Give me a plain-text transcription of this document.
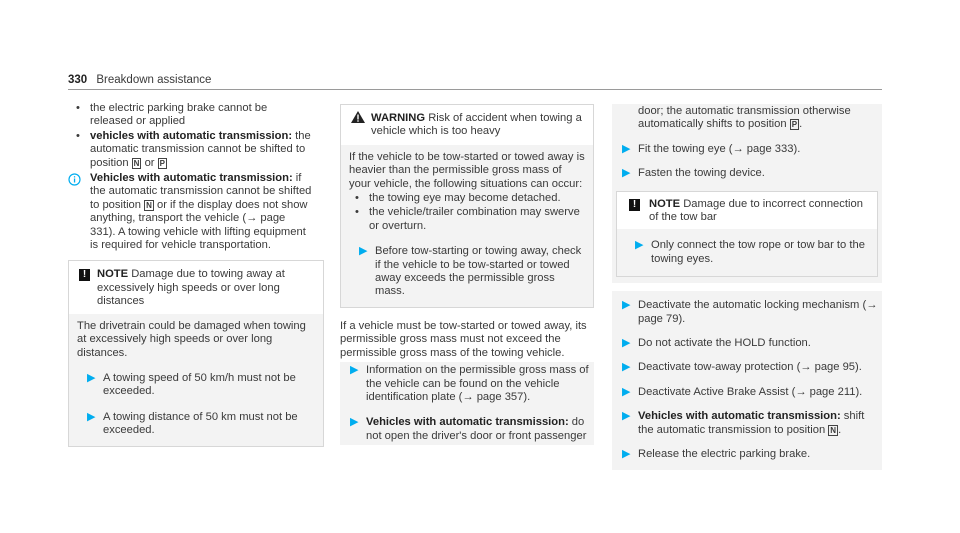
330 Breakdown assistance
• the electric parking brake cannot be released or applied
• vehicles with automatic transmission: the automatic transmission cannot be shifted to position N or P
Vehicles with automatic transmission: if the automatic transmission cannot be shifted to position N or if the display does not show anything, transport the vehicle (→ page 331). A towing vehicle with lifting equipment is required for vehicle transportation.
! NOTE Damage due to towing away at excessively high speeds or over long distances
The drivetrain could be damaged when towing at excessively high speeds or over long distances.
▶ A towing speed of 50 km/h must not be exceeded.
▶ A towing distance of 50 km must not be exceeded.
WARNING Risk of accident when towing a vehicle which is too heavy
If the vehicle to be tow-started or towed away is heavier than the permissible gross mass of your vehicle, the following situations can occur:
• the towing eye may become detached.
• the vehicle/trailer combination may swerve or overturn.
▶ Before tow-starting or towing away, check if the vehicle to be tow-started or towed away exceeds the permissible gross mass.
If a vehicle must be tow-started or towed away, its permissible gross mass must not exceed the permissible gross mass of the towing vehicle.
▶ Information on the permissible gross mass of the vehicle can be found on the vehicle identification plate (→ page 357).
▶ Vehicles with automatic transmission: do not open the driver's door or front passenger
door; the automatic transmission otherwise automatically shifts to position P .
▶ Fit the towing eye (→ page 333).
▶ Fasten the towing device.
!	NOTE Damage due to incorrect connection of the tow bar
▶ Only connect the tow rope or tow bar to the towing eyes.
▶ Deactivate the automatic locking mechanism (→ page 79).
▶ Do not activate the HOLD function.
▶ Deactivate tow-away protection (→ page 95).
▶ Deactivate Active Brake Assist (→ page 211).
▶ Vehicles with automatic transmission: shift the automatic transmission to position N .
▶ Release the electric parking brake.
